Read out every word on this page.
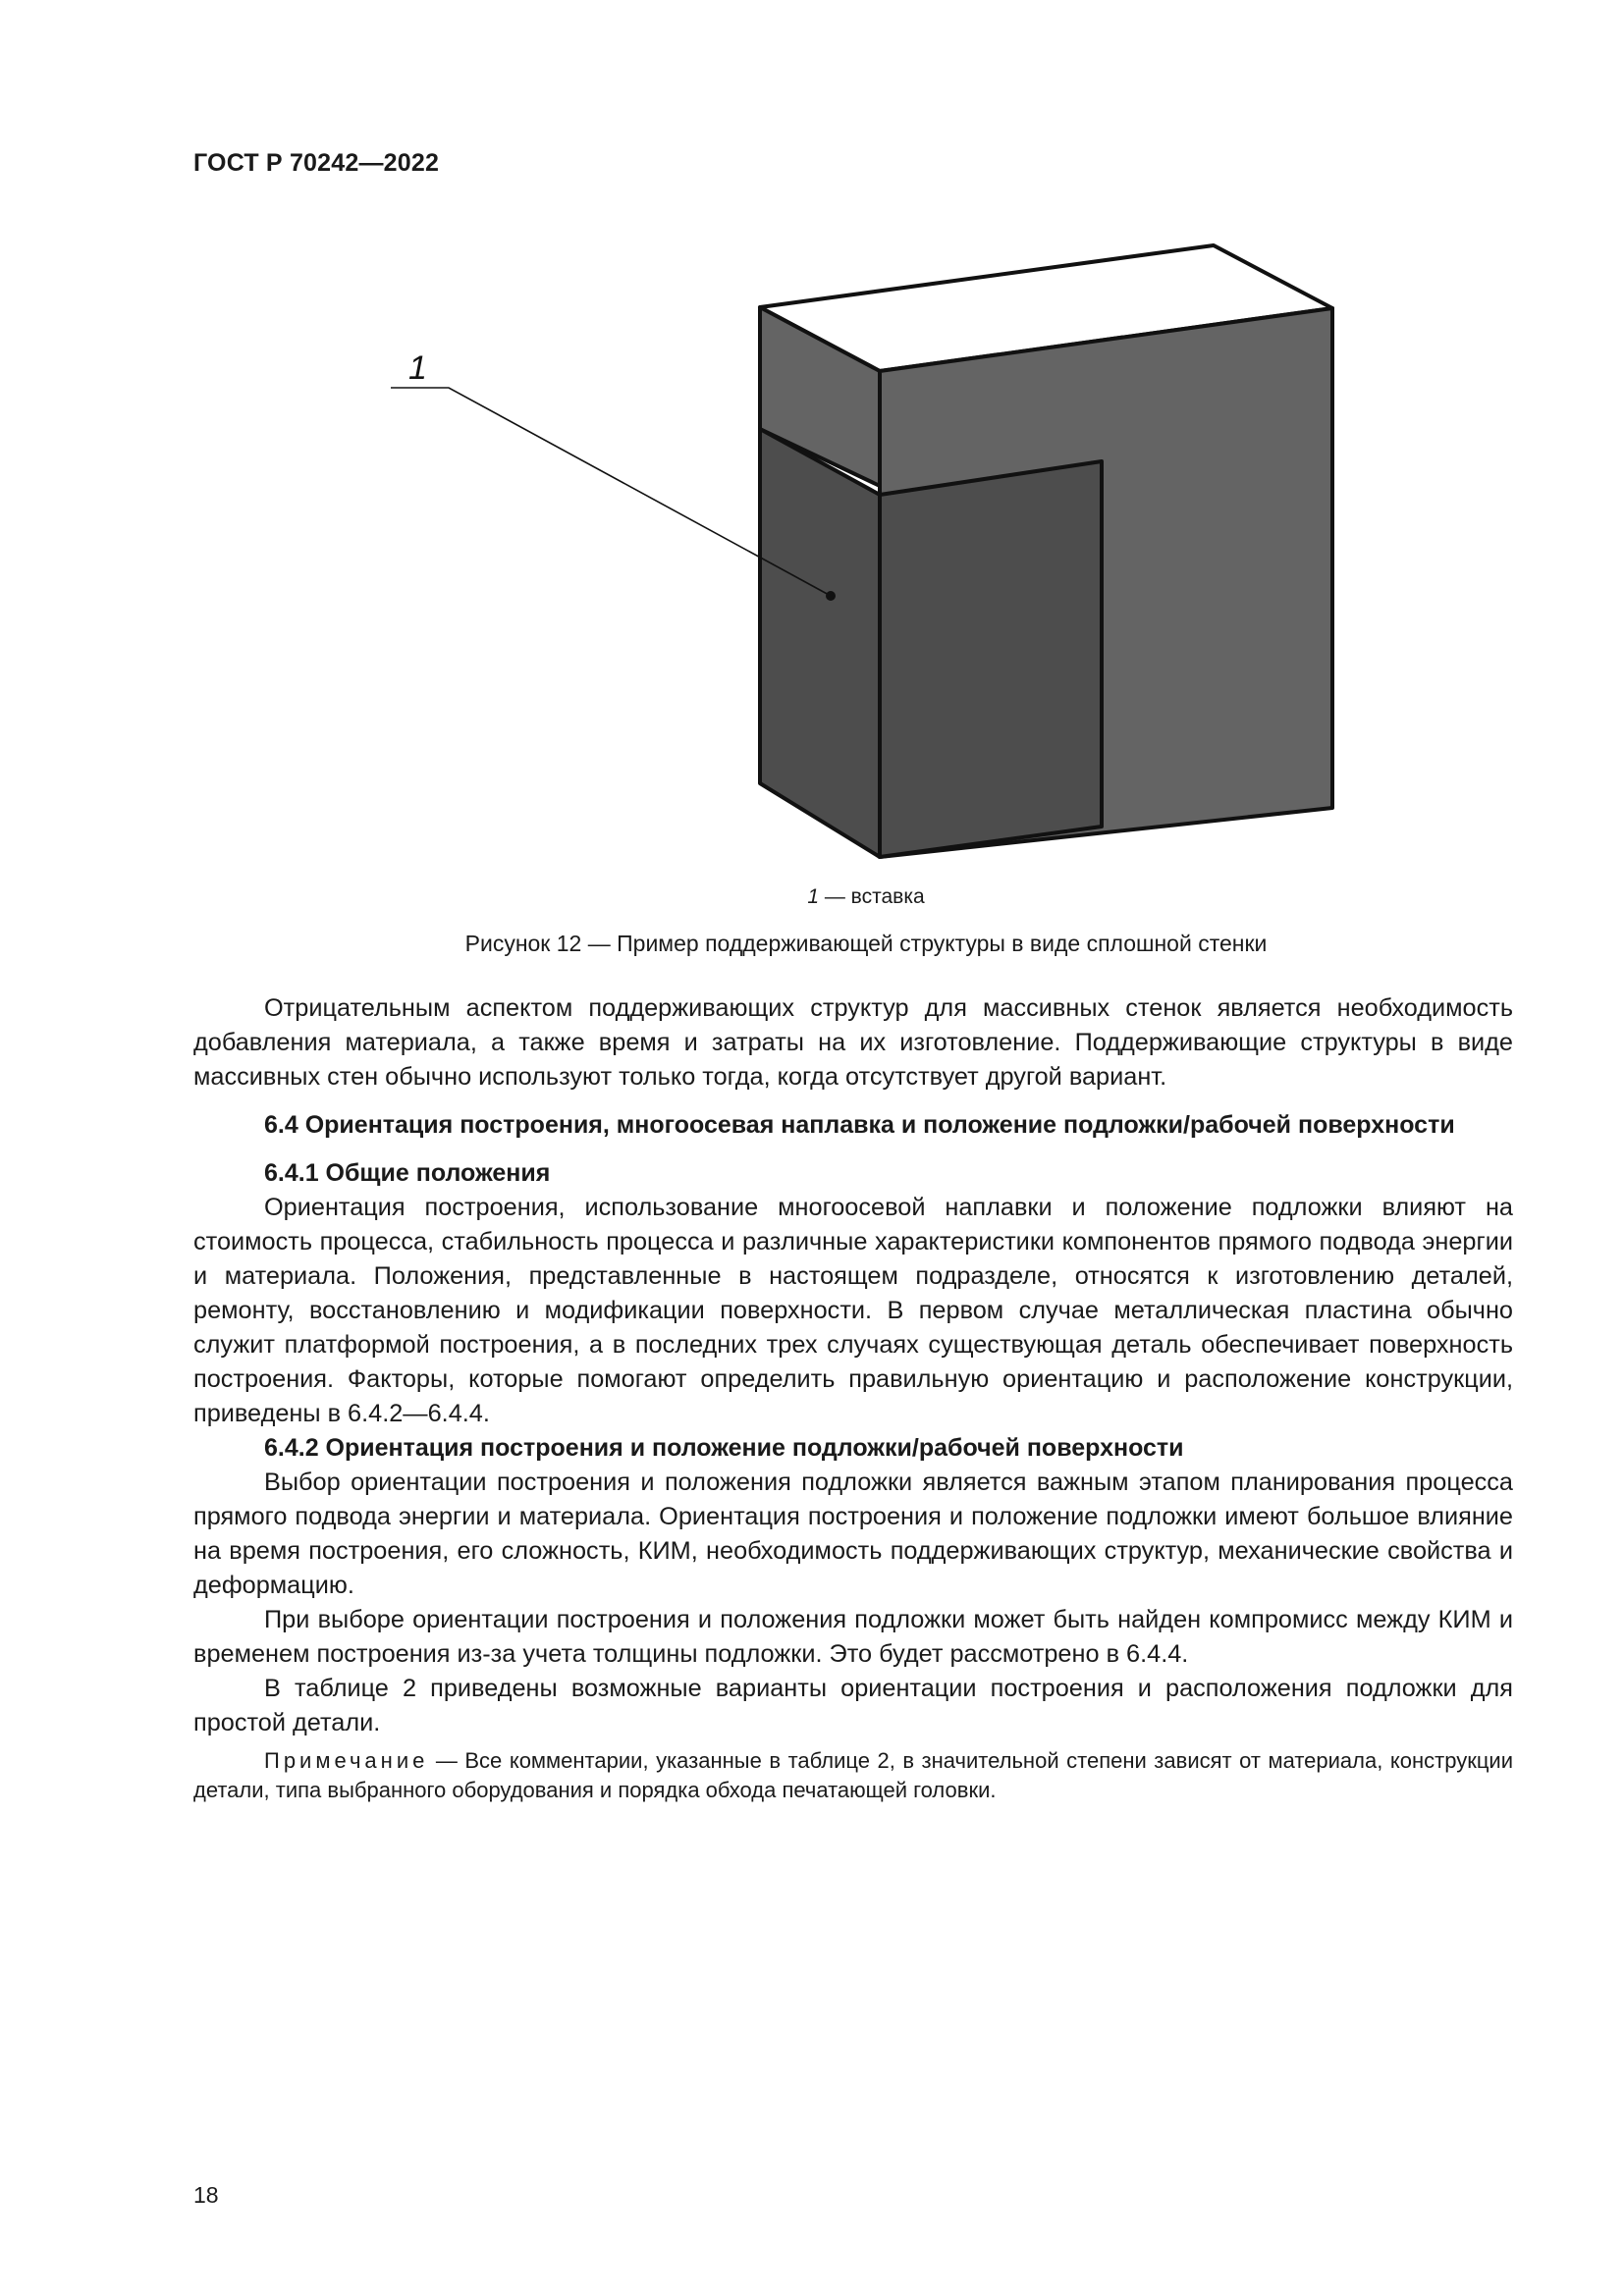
ГОСТ Р 70242—2022
1
1 — вставка
Рисунок 12 — Пример поддерживающей структуры в виде сплошной стенки

Отрицательным аспектом поддерживающих структур для массивных стенок является необходимость добавления материала, а также время и затраты на их изготовление. Поддерживающие структуры в виде массивных стен обычно используют только тогда, когда отсутствует другой вариант.

6.4 Ориентация построения, многоосевая наплавка и положение подложки/рабочей поверхности
6.4.1 Общие положения

Ориентация построения, использование многоосевой наплавки и положение подложки влияют на стоимость процесса, стабильность процесса и различные характеристики компонентов прямого подвода энергии и материала. Положения, представленные в настоящем подразделе, относятся к изготовлению деталей, ремонту, восстановлению и модификации поверхности. В первом случае металлическая пластина обычно служит платформой построения, а в последних трех случаях существующая деталь обеспечивает поверхность построения. Факторы, которые помогают определить правильную ориентацию и расположение конструкции, приведены в 6.4.2—6.4.4.

6.4.2 Ориентация построения и положение подложки/рабочей поверхности

Выбор ориентации построения и положения подложки является важным этапом планирования процесса прямого подвода энергии и материала. Ориентация построения и положение подложки имеют большое влияние на время построения, его сложность, КИМ, необходимость поддерживающих структур, механические свойства и деформацию.

При выборе ориентации построения и положения подложки может быть найден компромисс между КИМ и временем построения из-за учета толщины подложки. Это будет рассмотрено в 6.4.4.

В таблице 2 приведены возможные варианты ориентации построения и расположения подложки для простой детали.

Примечание — Все комментарии, указанные в таблице 2, в значительной степени зависят от материала, конструкции детали, типа выбранного оборудования и порядка обхода печатающей головки.

18
